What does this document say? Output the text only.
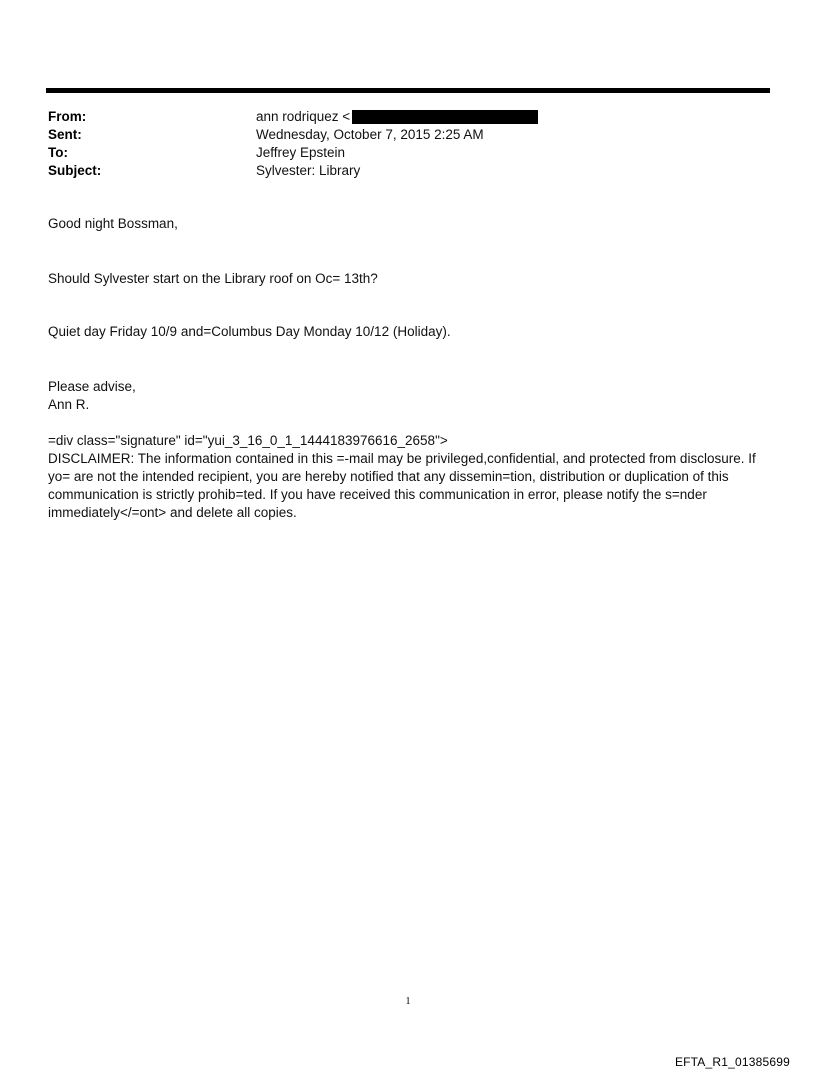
From:	ann rodriquez <
Sent:	Wednesday, October 7, 2015 2:25 AM
To:	Jeffrey Epstein
Subject:	Sylvester: Library

Good night Bossman,

Should Sylvester start on the Library roof on Oc= 13th?

Quiet day Friday 10/9 and=Columbus Day Monday 10/12 (Holiday).

Please advise,

Ann R.

=div class="signature" id="yui_3_16_0_1_1444183976616_2658">

DISCLAIMER: The information contained in this =-mail may be privileged,confidential, and protected from disclosure. If yo= are not the intended recipient, you are hereby notified that any dissemin=tion, distribution or duplication of this communication is strictly prohib=ted. If you have received this communication in error, please notify the s=nder immediately</=ont> and delete all copies.

1
EFTA_R1_01385699
